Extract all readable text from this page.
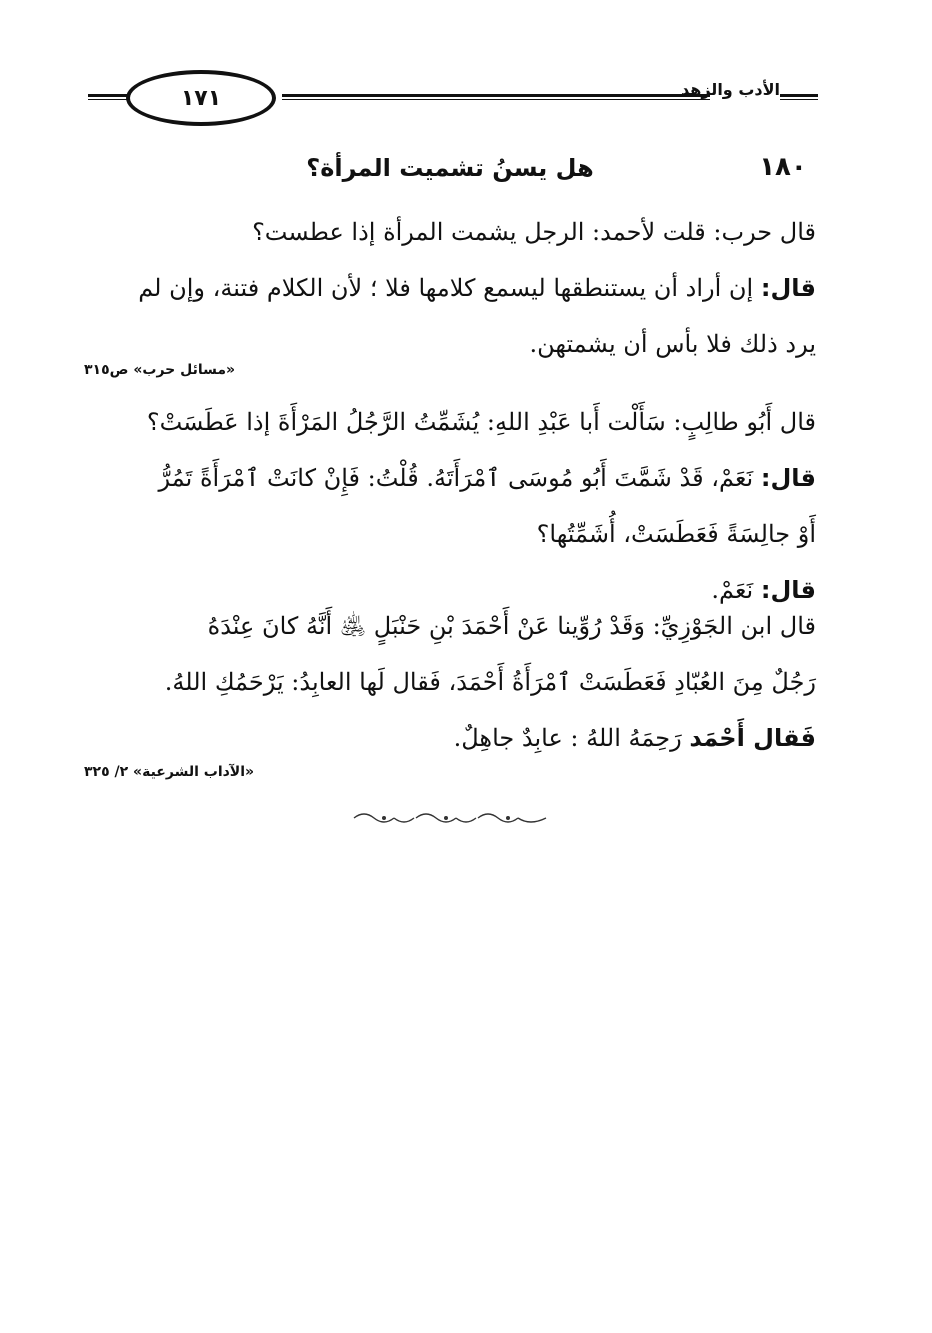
١٧١	الأدب والزهد
١٨٠
هل يسنُ تشميت المرأة؟
قال حرب: قلت لأحمد: الرجل يشمت المرأة إذا عطست؟
قال: إن أراد أن يستنطقها ليسمع كلامها فلا ؛ لأن الكلام فتنة، وإن لم
يرد ذلك فلا بأس أن يشمتهن.
«مسائل حرب» ص٣١٥
قال أَبُو طالِبٍ: سَأَلْت أَبا عَبْدِ اللهِ: يُشَمِّتُ الرَّجُلُ المَرْأَةَ إذا عَطَسَتْ؟
قال: نَعَمْ، قَدْ شَمَّتَ أَبُو مُوسَى ٱمْرَأَتَهُ. قُلْتُ: فَإِنْ كانَتْ ٱمْرَأَةً تَمُرُّ
أَوْ جالِسَةً فَعَطَسَتْ، أُشَمِّتُها؟
قال: نَعَمْ.
قال ابن الجَوْزِيِّ: وَقَدْ رُوِّينا عَنْ أَحْمَدَ بْنِ حَنْبَلٍ ﵁ أَنَّهُ كانَ عِنْدَهُ
رَجُلٌ مِنَ العُبّادِ فَعَطَسَتْ ٱمْرَأَةُ أَحْمَدَ، فَقال لَها العابِدُ: يَرْحَمُكِ اللهُ.
فَقال أَحْمَد رَحِمَهُ اللهُ : عابِدٌ جاهِلٌ.
«الآداب الشرعية» ٢/ ٣٢٥
